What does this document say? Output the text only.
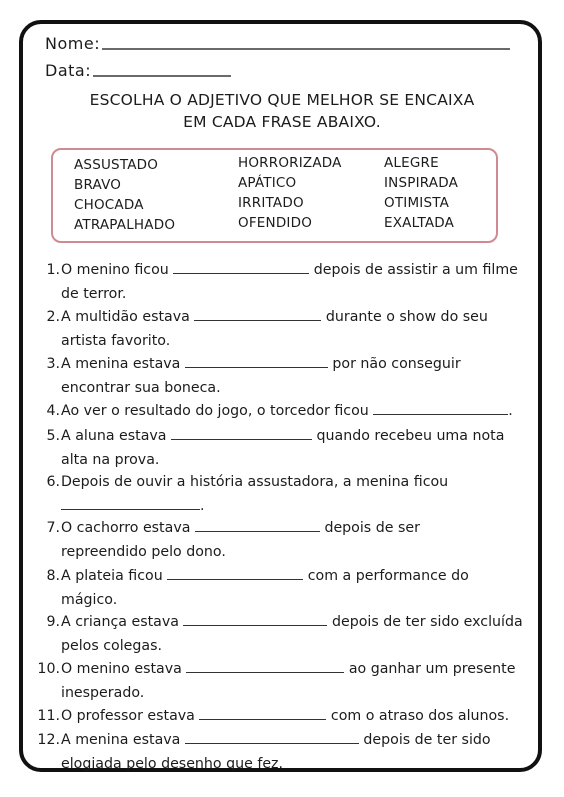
Nome:
Data:
ESCOLHA O ADJETIVO QUE MELHOR SE ENCAIXA
EM CADA FRASE ABAIXO.
ASSUSTADO
BRAVO
CHOCADA
ATRAPALHADO
HORRORIZADA
APÁTICO
IRRITADO
OFENDIDO
ALEGRE
INSPIRADA
OTIMISTA
EXALTADA
1. O menino ficou	depois de assistir a um filme
de terror.
2. A multidão estava	durante o show do seu
artista favorito.
3. A menina estava	por não conseguir
encontrar sua boneca.
4. Ao ver o resultado do jogo, o torcedor ficou	.
5. A aluna estava	quando recebeu uma nota
alta na prova.
6. Depois de ouvir a história assustadora, a menina ficou
.
7. O cachorro estava	depois de ser
repreendido pelo dono.
8. A plateia ficou	com a performance do
mágico.
9. A criança estava	depois de ter sido excluída
pelos colegas.
10. O menino estava	ao ganhar um presente
inesperado.
11. O professor estava	com o atraso dos alunos.
12. A menina estava	depois de ter sido
elogiada pelo desenho que fez.
